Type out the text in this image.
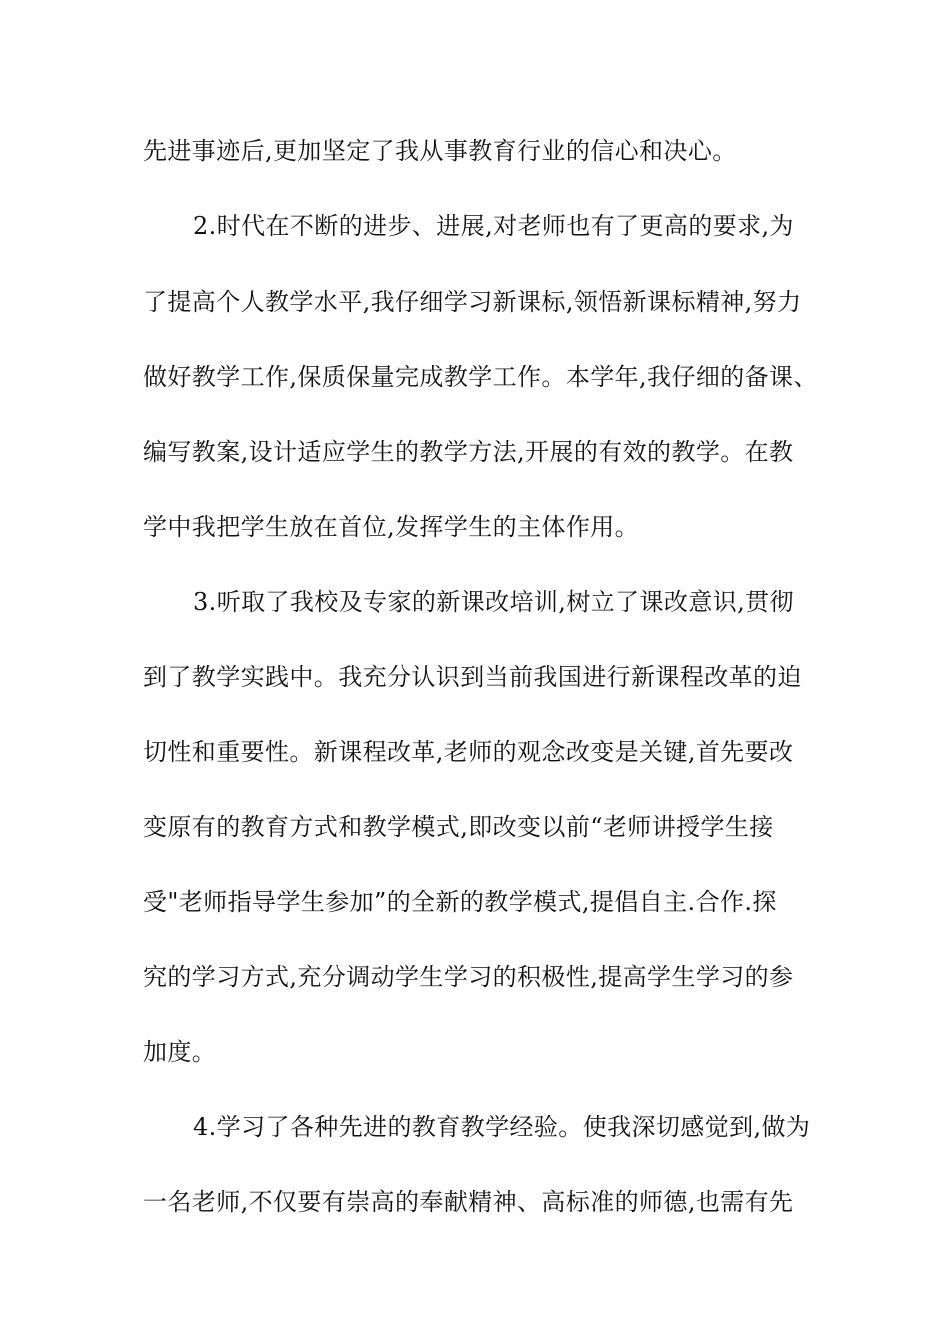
先进事迹后,更加坚定了我从事教育行业的信心和决心。
2.时代在不断的进步、进展,对老师也有了更高的要求,为
了提高个人教学水平,我仔细学习新课标,领悟新课标精神,努力
做好教学工作,保质保量完成教学工作。本学年,我仔细的备课、
编写教案,设计适应学生的教学方法,开展的有效的教学。在教
学中我把学生放在首位,发挥学生的主体作用。
3.听取了我校及专家的新课改培训,树立了课改意识,贯彻
到了教学实践中。我充分认识到当前我国进行新课程改革的迫
切性和重要性。新课程改革,老师的观念改变是关键,首先要改
变原有的教育方式和教学模式,即改变以前“老师讲授学生接
受"老师指导学生参加”的全新的教学模式,提倡自主.合作.探
究的学习方式,充分调动学生学习的积极性,提高学生学习的参
加度。
4.学习了各种先进的教育教学经验。使我深切感觉到,做为
一名老师,不仅要有崇高的奉献精神、高标准的师德,也需有先
